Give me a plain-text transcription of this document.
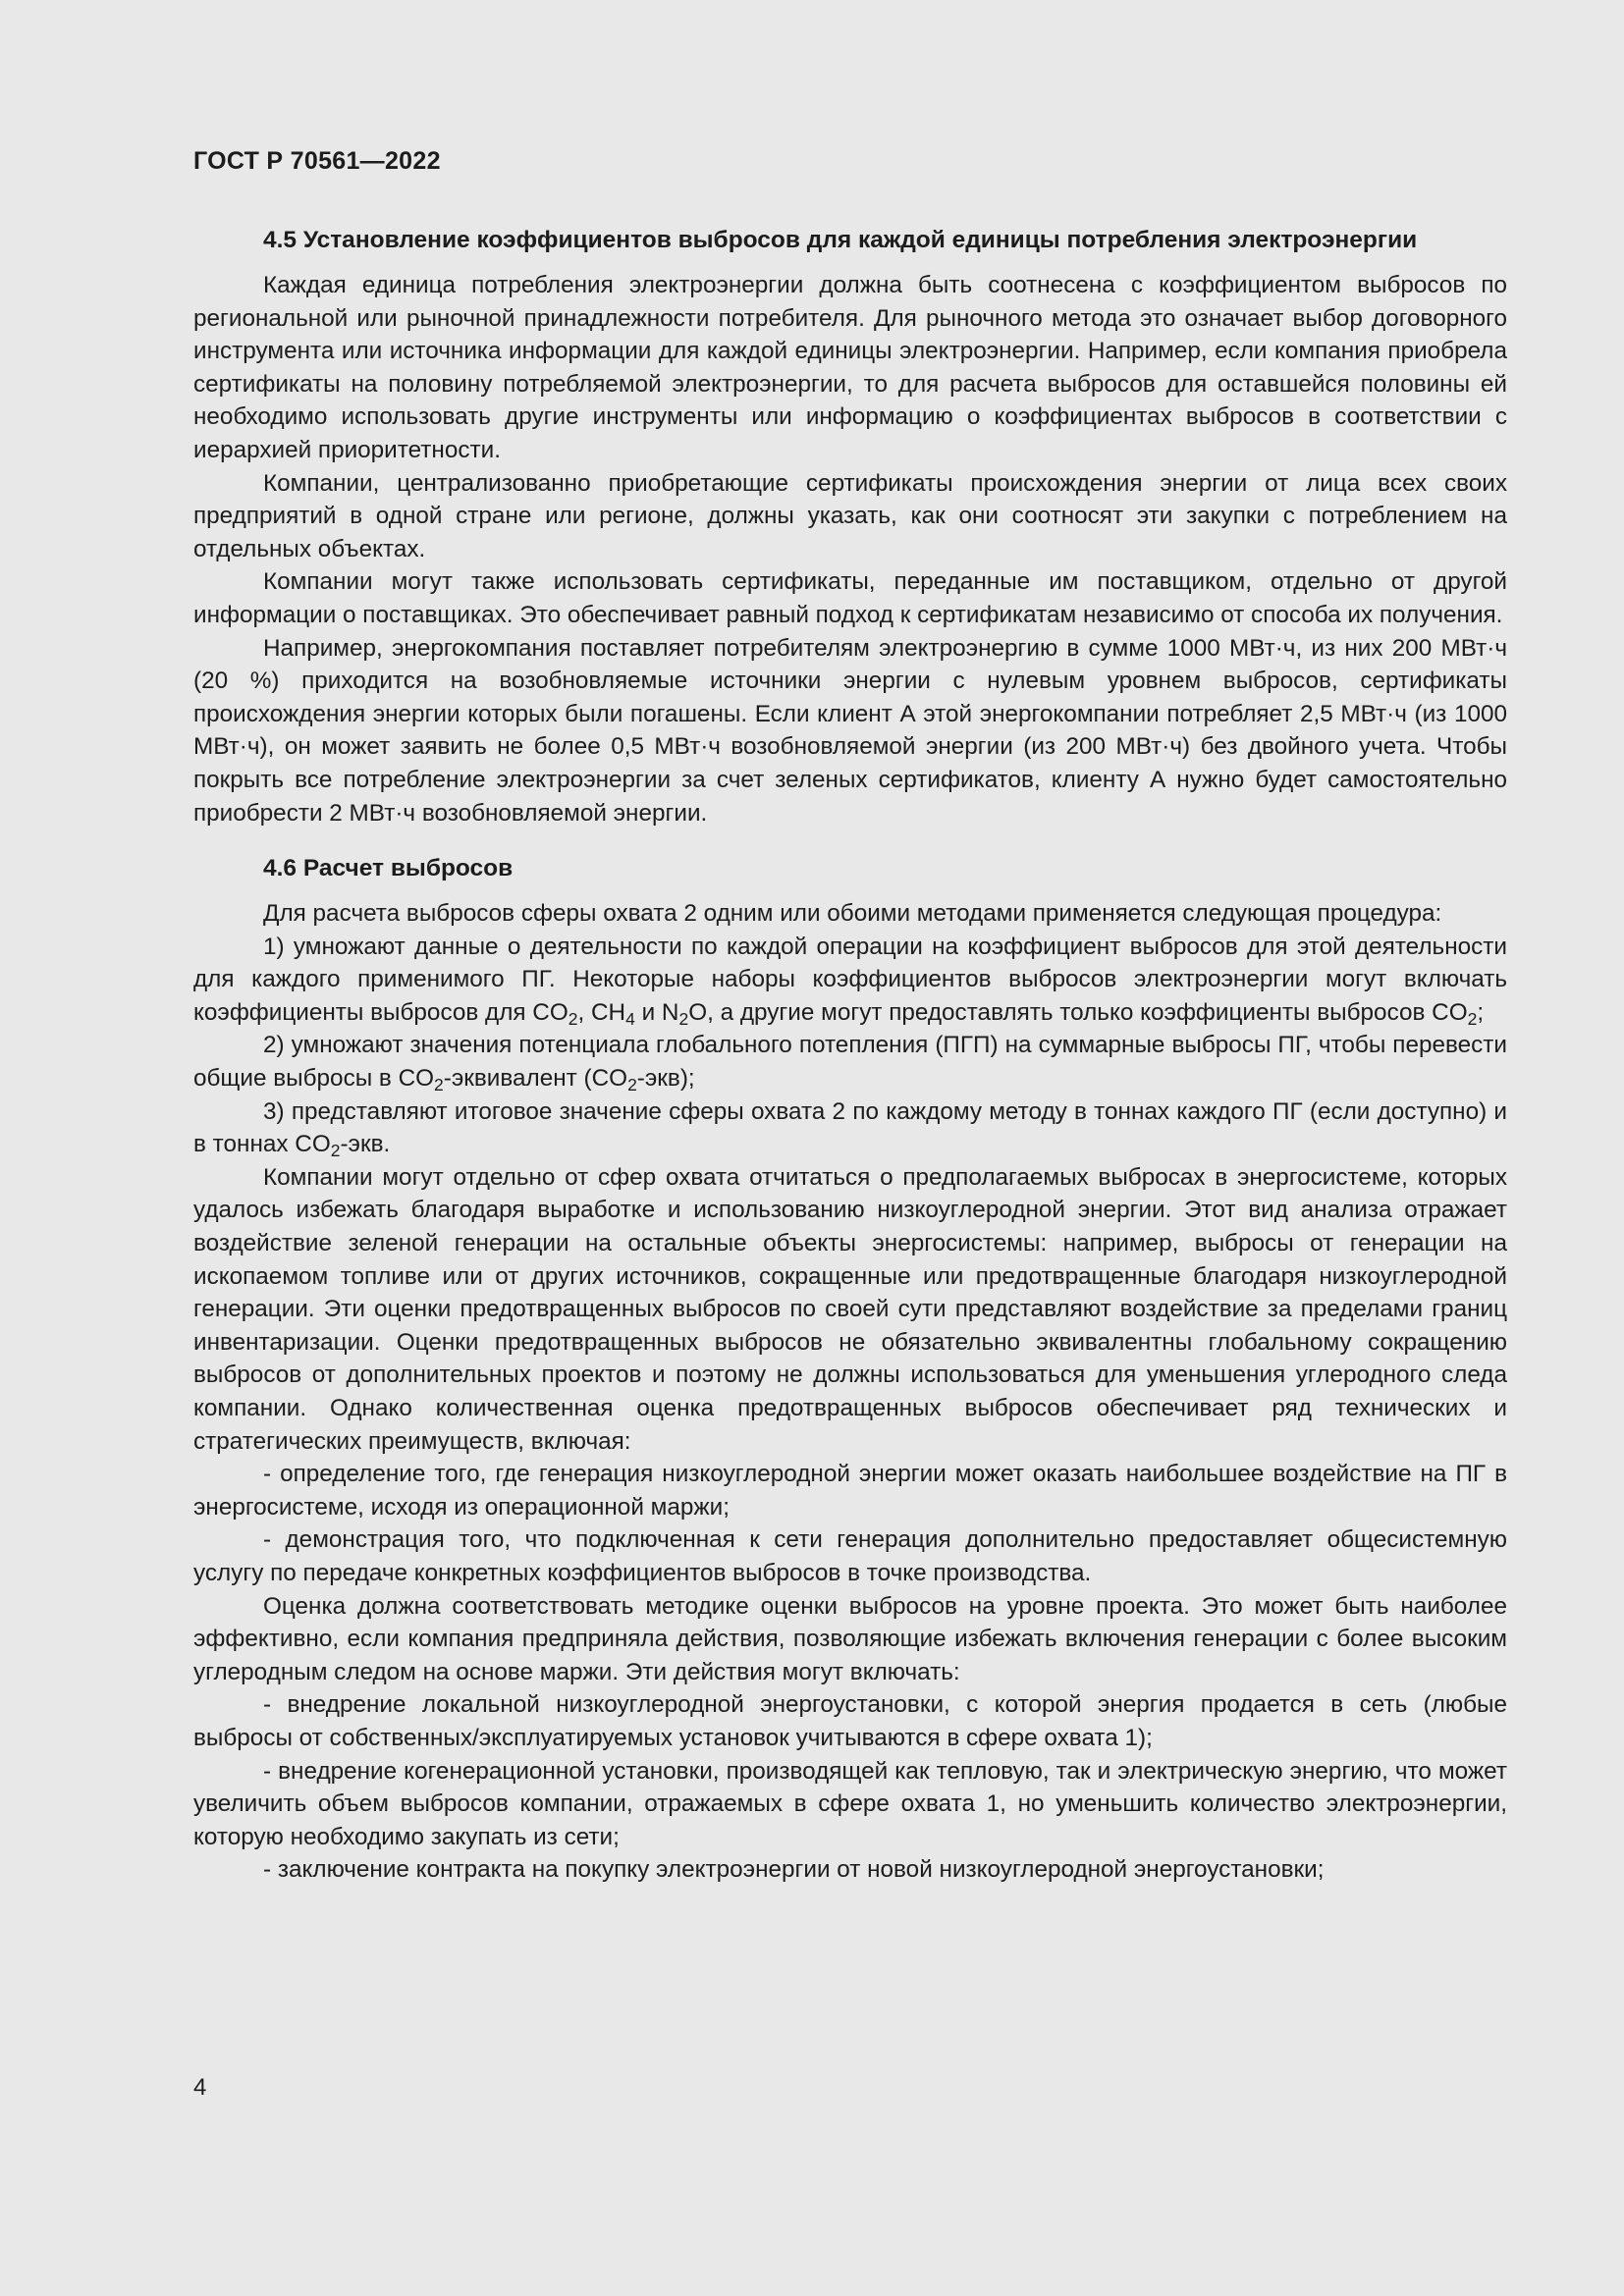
ГОСТ Р 70561—2022
4.5 Установление коэффициентов выбросов для каждой единицы потребления электроэнергии

Каждая единица потребления электроэнергии должна быть соотнесена с коэффициентом выбросов по региональной или рыночной принадлежности потребителя. Для рыночного метода это означает выбор договорного инструмента или источника информации для каждой единицы электроэнергии. Например, если компания приобрела сертификаты на половину потребляемой электроэнергии, то для расчета выбросов для оставшейся половины ей необходимо использовать другие инструменты или информацию о коэффициентах выбросов в соответствии с иерархией приоритетности.

Компании, централизованно приобретающие сертификаты происхождения энергии от лица всех своих предприятий в одной стране или регионе, должны указать, как они соотносят эти закупки с потреблением на отдельных объектах.

Компании могут также использовать сертификаты, переданные им поставщиком, отдельно от другой информации о поставщиках. Это обеспечивает равный подход к сертификатам независимо от способа их получения.

Например, энергокомпания поставляет потребителям электроэнергию в сумме 1000 МВт·ч, из них 200 МВт·ч (20 %) приходится на возобновляемые источники энергии с нулевым уровнем выбросов, сертификаты происхождения энергии которых были погашены. Если клиент А этой энергокомпании потребляет 2,5 МВт·ч (из 1000 МВт·ч), он может заявить не более 0,5 МВт·ч возобновляемой энергии (из 200 МВт·ч) без двойного учета. Чтобы покрыть все потребление электроэнергии за счет зеленых сертификатов, клиенту А нужно будет самостоятельно приобрести 2 МВт·ч возобновляемой энергии.

4.6 Расчет выбросов

Для расчета выбросов сферы охвата 2 одним или обоими методами применяется следующая процедура:

1) умножают данные о деятельности по каждой операции на коэффициент выбросов для этой деятельности для каждого применимого ПГ. Некоторые наборы коэффициентов выбросов электроэнергии могут включать коэффициенты выбросов для $CO_2$, $CH_4$ и $N_2O$, а другие могут предоставлять только коэффициенты выбросов $CO_2$;

2) умножают значения потенциала глобального потепления (ПГП) на суммарные выбросы ПГ, чтобы перевести общие выбросы в $CO_2$-эквивалент $(CO_2-экв)$;

3) представляют итоговое значение сферы охвата 2 по каждому методу в тоннах каждого ПГ (если доступно) и в тоннах $CO_2$-экв.

Компании могут отдельно от сфер охвата отчитаться о предполагаемых выбросах в энергосистеме, которых удалось избежать благодаря выработке и использованию низкоуглеродной энергии. Этот вид анализа отражает воздействие зеленой генерации на остальные объекты энергосистемы: например, выбросы от генерации на ископаемом топливе или от других источников, сокращенные или предотвращенные благодаря низкоуглеродной генерации. Эти оценки предотвращенных выбросов по своей сути представляют воздействие за пределами границ инвентаризации. Оценки предотвращенных выбросов не обязательно эквивалентны глобальному сокращению выбросов от дополнительных проектов и поэтому не должны использоваться для уменьшения углеродного следа компании. Однако количественная оценка предотвращенных выбросов обеспечивает ряд технических и стратегических преимуществ, включая:

- определение того, где генерация низкоуглеродной энергии может оказать наибольшее воздействие на ПГ в энергосистеме, исходя из операционной маржи;

- демонстрация того, что подключенная к сети генерация дополнительно предоставляет общесистемную услугу по передаче конкретных коэффициентов выбросов в точке производства.

Оценка должна соответствовать методике оценки выбросов на уровне проекта. Это может быть наиболее эффективно, если компания предприняла действия, позволяющие избежать включения генерации с более высоким углеродным следом на основе маржи. Эти действия могут включать:

- внедрение локальной низкоуглеродной энергоустановки, с которой энергия продается в сеть (любые выбросы от собственных/эксплуатируемых установок учитываются в сфере охвата 1);

- внедрение когенерационной установки, производящей как тепловую, так и электрическую энергию, что может увеличить объем выбросов компании, отражаемых в сфере охвата 1, но уменьшить количество электроэнергии, которую необходимо закупать из сети;

- заключение контракта на покупку электроэнергии от новой низкоуглеродной энергоустановки;

4
